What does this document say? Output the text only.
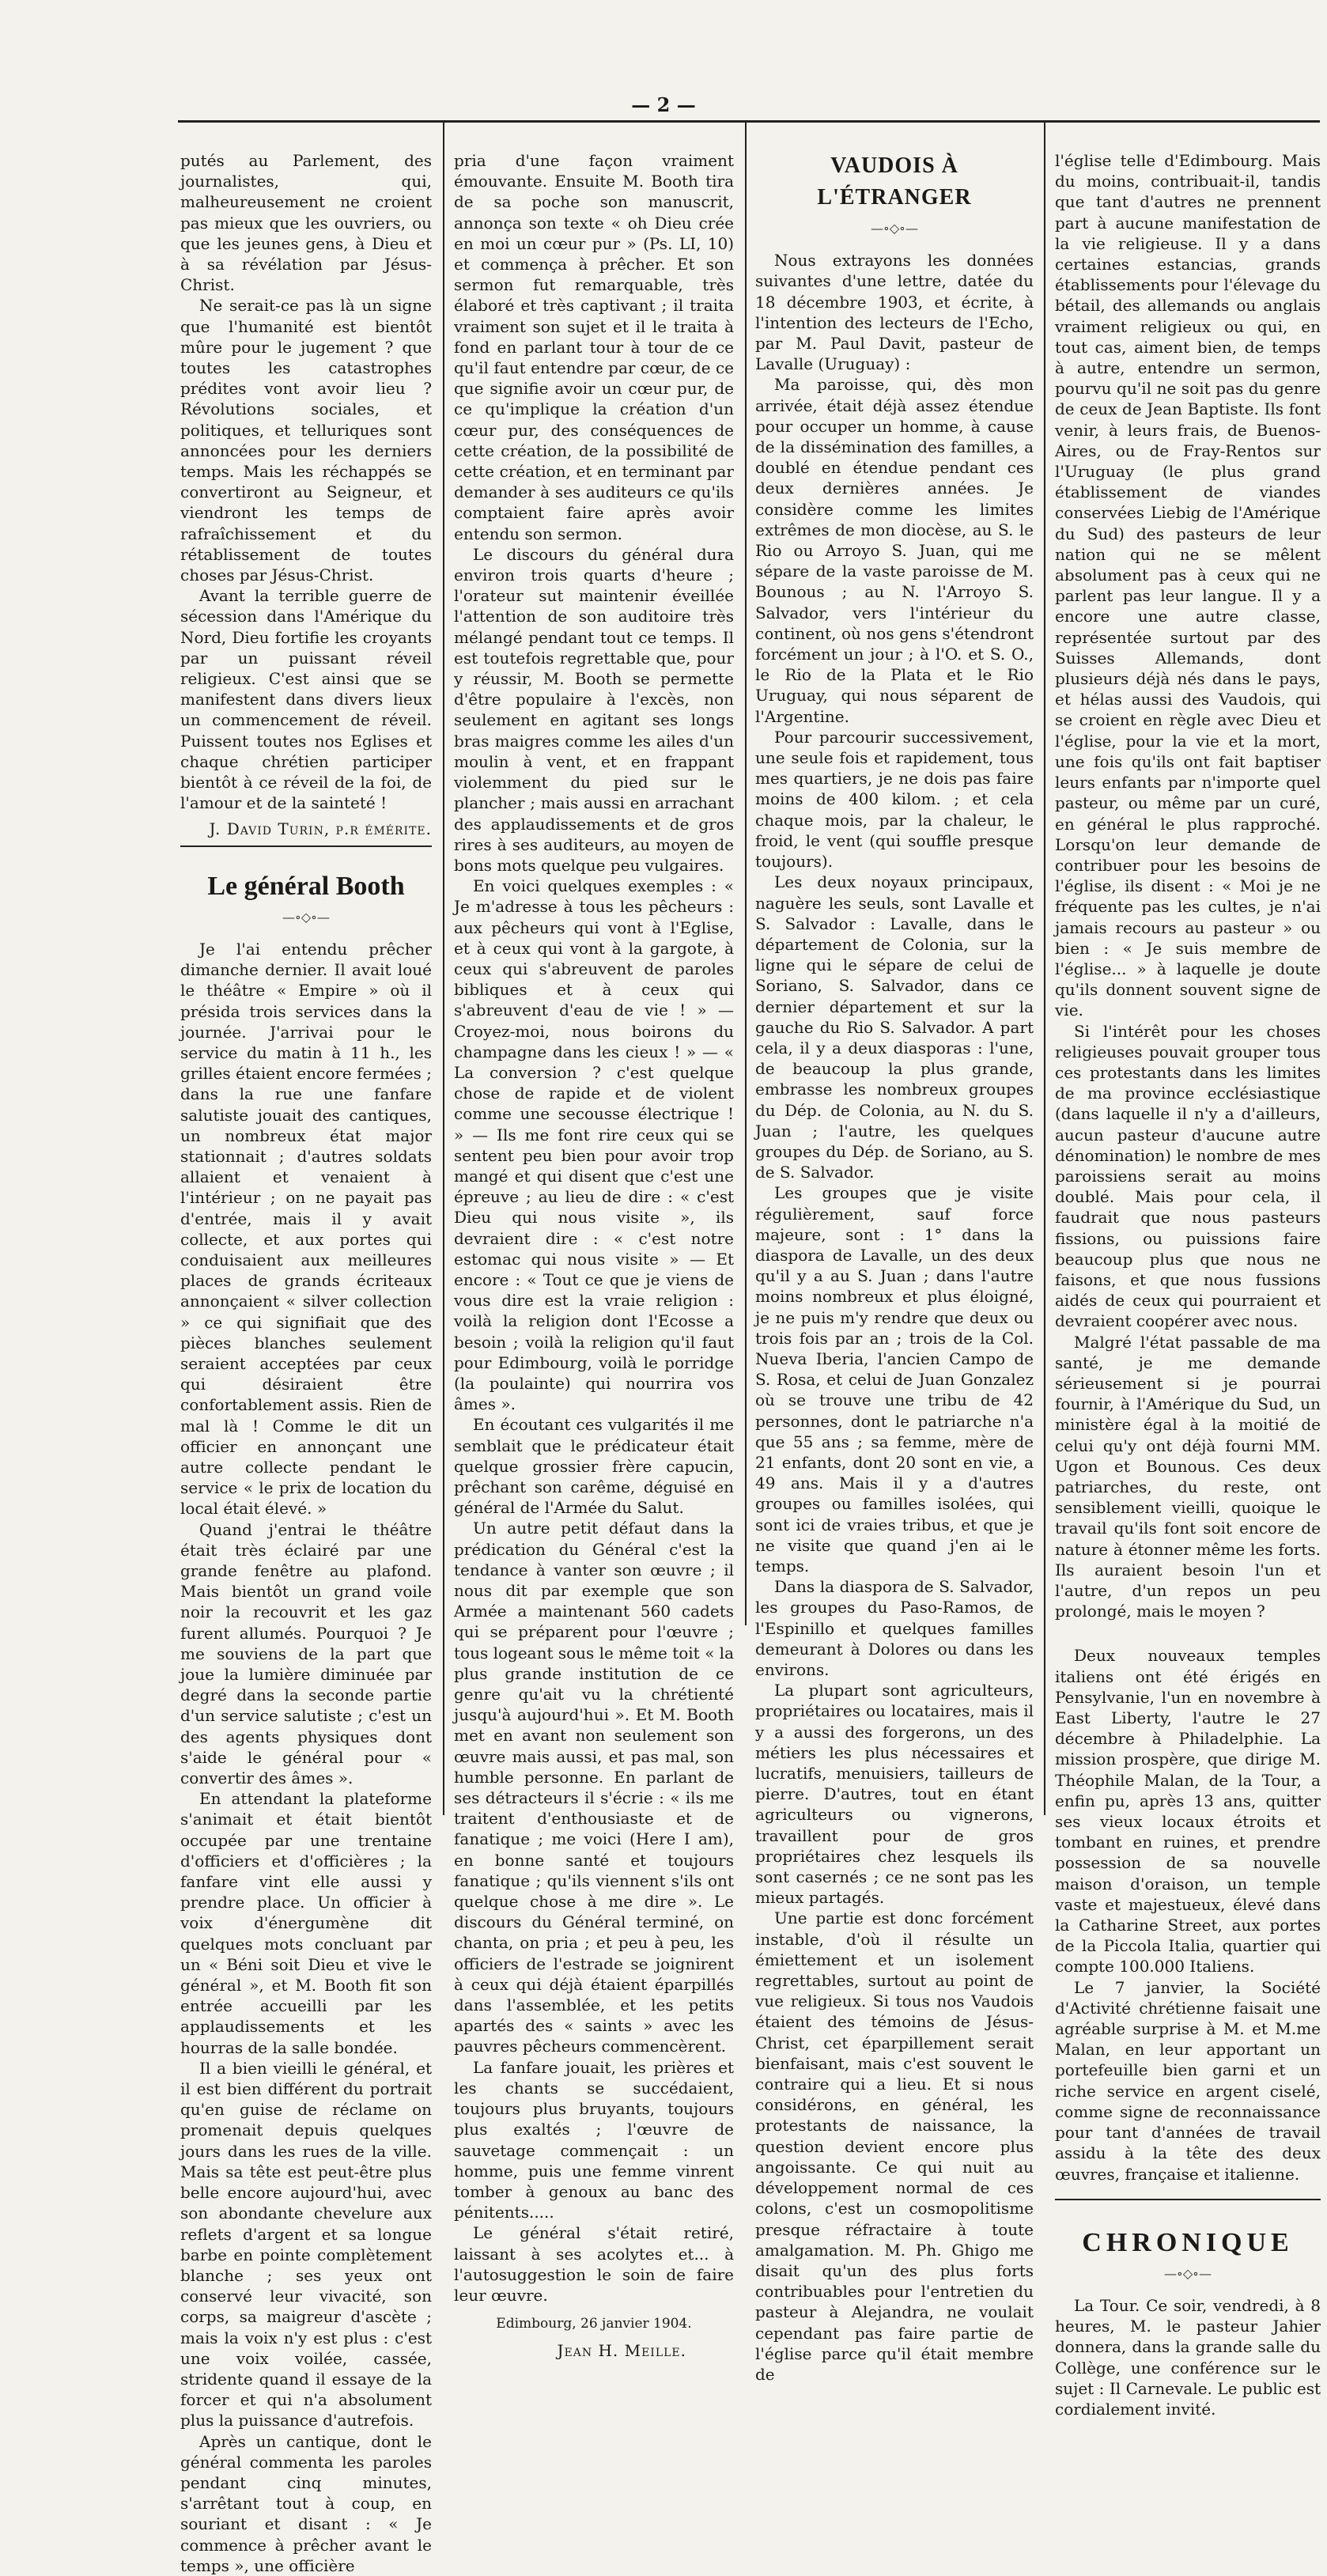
— 2 —

putés au Parlement, des journalistes, qui, malheureusement ne croient pas mieux que les ouvriers, ou que les jeunes gens, à Dieu et à sa révélation par Jésus-Christ.

Ne serait-ce pas là un signe que l'humanité est bientôt mûre pour le jugement ? que toutes les catastrophes prédites vont avoir lieu ? Révolutions sociales, et politiques, et telluriques sont annoncées pour les derniers temps. Mais les réchappés se convertiront au Seigneur, et viendront les temps de rafraîchissement et du rétablissement de toutes choses par Jésus-Christ.

Avant la terrible guerre de sécession dans l'Amérique du Nord, Dieu fortifie les croyants par un puissant réveil religieux. C'est ainsi que se manifestent dans divers lieux un commencement de réveil. Puissent toutes nos Eglises et chaque chrétien participer bientôt à ce réveil de la foi, de l'amour et de la sainteté !

J. David Turin, p.r émérite.
Le général Booth
—∘◇∘—

Je l'ai entendu prêcher dimanche dernier. Il avait loué le théâtre « Empire » où il présida trois services dans la journée. J'arrivai pour le service du matin à 11 h., les grilles étaient encore fermées ; dans la rue une fanfare salutiste jouait des cantiques, un nombreux état major stationnait ; d'autres soldats allaient et venaient à l'intérieur ; on ne payait pas d'entrée, mais il y avait collecte, et aux portes qui conduisaient aux meilleures places de grands écriteaux annonçaient « silver collection » ce qui signifiait que des pièces blanches seulement seraient acceptées par ceux qui désiraient être confortablement assis. Rien de mal là ! Comme le dit un officier en annonçant une autre collecte pendant le service « le prix de location du local était élevé. »

Quand j'entrai le théâtre était très éclairé par une grande fenêtre au plafond. Mais bientôt un grand voile noir la recouvrit et les gaz furent allumés. Pourquoi ? Je me souviens de la part que joue la lumière diminuée par degré dans la seconde partie d'un service salutiste ; c'est un des agents physiques dont s'aide le général pour « convertir des âmes ».

En attendant la plateforme s'animait et était bientôt occupée par une trentaine d'officiers et d'officières ; la fanfare vint elle aussi y prendre place. Un officier à voix d'énergumène dit quelques mots concluant par un « Béni soit Dieu et vive le général », et M. Booth fit son entrée accueilli par les applaudissements et les hourras de la salle bondée.

Il a bien vieilli le général, et il est bien différent du portrait qu'en guise de réclame on promenait depuis quelques jours dans les rues de la ville. Mais sa tête est peut-être plus belle encore aujourd'hui, avec son abondante chevelure aux reflets d'argent et sa longue barbe en pointe complètement blanche ; ses yeux ont conservé leur vivacité, son corps, sa maigreur d'ascète ; mais la voix n'y est plus : c'est une voix voilée, cassée, stridente quand il essaye de la forcer et qui n'a absolument plus la puissance d'autrefois.

Après un cantique, dont le général commenta les paroles pendant cinq minutes, s'arrêtant tout à coup, en souriant et disant : « Je commence à prêcher avant le temps », une officière

pria d'une façon vraiment émouvante. Ensuite M. Booth tira de sa poche son manuscrit, annonça son texte « oh Dieu crée en moi un cœur pur » (Ps. LI, 10) et commença à prêcher. Et son sermon fut remarquable, très élaboré et très captivant ; il traita vraiment son sujet et il le traita à fond en parlant tour à tour de ce qu'il faut entendre par cœur, de ce que signifie avoir un cœur pur, de ce qu'implique la création d'un cœur pur, des conséquences de cette création, de la possibilité de cette création, et en terminant par demander à ses auditeurs ce qu'ils comptaient faire après avoir entendu son sermon.

Le discours du général dura environ trois quarts d'heure ; l'orateur sut maintenir éveillée l'attention de son auditoire très mélangé pendant tout ce temps. Il est toutefois regrettable que, pour y réussir, M. Booth se permette d'être populaire à l'excès, non seulement en agitant ses longs bras maigres comme les ailes d'un moulin à vent, et en frappant violemment du pied sur le plancher ; mais aussi en arrachant des applaudissements et de gros rires à ses auditeurs, au moyen de bons mots quelque peu vulgaires.

En voici quelques exemples : « Je m'adresse à tous les pêcheurs : aux pêcheurs qui vont à l'Eglise, et à ceux qui vont à la gargote, à ceux qui s'abreuvent de paroles bibliques et à ceux qui s'abreuvent d'eau de vie ! » — Croyez-moi, nous boirons du champagne dans les cieux ! » — « La conversion ? c'est quelque chose de rapide et de violent comme une secousse électrique ! » — Ils me font rire ceux qui se sentent peu bien pour avoir trop mangé et qui disent que c'est une épreuve ; au lieu de dire : « c'est Dieu qui nous visite », ils devraient dire : « c'est notre estomac qui nous visite » — Et encore : « Tout ce que je viens de vous dire est la vraie religion : voilà la religion dont l'Ecosse a besoin ; voilà la religion qu'il faut pour Edimbourg, voilà le porridge (la poulainte) qui nourrira vos âmes ».

En écoutant ces vulgarités il me semblait que le prédicateur était quelque grossier frère capucin, prêchant son carême, déguisé en général de l'Armée du Salut.

Un autre petit défaut dans la prédication du Général c'est la tendance à vanter son œuvre ; il nous dit par exemple que son Armée a maintenant 560 cadets qui se préparent pour l'œuvre ; tous logeant sous le même toit « la plus grande institution de ce genre qu'ait vu la chrétienté jusqu'à aujourd'hui ». Et M. Booth met en avant non seulement son œuvre mais aussi, et pas mal, son humble personne. En parlant de ses détracteurs il s'écrie : « ils me traitent d'enthousiaste et de fanatique ; me voici (Here I am), en bonne santé et toujours fanatique ; qu'ils viennent s'ils ont quelque chose à me dire ». Le discours du Général terminé, on chanta, on pria ; et peu à peu, les officiers de l'estrade se joignirent à ceux qui déjà étaient éparpillés dans l'assemblée, et les petits apartés des « saints » avec les pauvres pêcheurs commencèrent.

La fanfare jouait, les prières et les chants se succédaient, toujours plus bruyants, toujours plus exaltés ; l'œuvre de sauvetage commençait : un homme, puis une femme vinrent tomber à genoux au banc des pénitents.....

Le général s'était retiré, laissant à ses acolytes et... à l'autosuggestion le soin de faire leur œuvre.

Edimbourg, 26 janvier 1904.
Jean H. Meille.
VAUDOIS À L'ÉTRANGER
—∘◇∘—

Nous extrayons les données suivantes d'une lettre, datée du 18 décembre 1903, et écrite, à l'intention des lecteurs de l'Echo, par M. Paul Davit, pasteur de Lavalle (Uruguay) :

Ma paroisse, qui, dès mon arrivée, était déjà assez étendue pour occuper un homme, à cause de la dissémination des familles, a doublé en étendue pendant ces deux dernières années. Je considère comme les limites extrêmes de mon diocèse, au S. le Rio ou Arroyo S. Juan, qui me sépare de la vaste paroisse de M. Bounous ; au N. l'Arroyo S. Salvador, vers l'intérieur du continent, où nos gens s'étendront forcément un jour ; à l'O. et S. O., le Rio de la Plata et le Rio Uruguay, qui nous séparent de l'Argentine.

Pour parcourir successivement, une seule fois et rapidement, tous mes quartiers, je ne dois pas faire moins de 400 kilom. ; et cela chaque mois, par la chaleur, le froid, le vent (qui souffle presque toujours).

Les deux noyaux principaux, naguère les seuls, sont Lavalle et S. Salvador : Lavalle, dans le département de Colonia, sur la ligne qui le sépare de celui de Soriano, S. Salvador, dans ce dernier département et sur la gauche du Rio S. Salvador. A part cela, il y a deux diasporas : l'une, de beaucoup la plus grande, embrasse les nombreux groupes du Dép. de Colonia, au N. du S. Juan ; l'autre, les quelques groupes du Dép. de Soriano, au S. de S. Salvador.

Les groupes que je visite régulièrement, sauf force majeure, sont : 1° dans la diaspora de Lavalle, un des deux qu'il y a au S. Juan ; dans l'autre moins nombreux et plus éloigné, je ne puis m'y rendre que deux ou trois fois par an ; trois de la Col. Nueva Iberia, l'ancien Campo de S. Rosa, et celui de Juan Gonzalez où se trouve une tribu de 42 personnes, dont le patriarche n'a que 55 ans ; sa femme, mère de 21 enfants, dont 20 sont en vie, a 49 ans. Mais il y a d'autres groupes ou familles isolées, qui sont ici de vraies tribus, et que je ne visite que quand j'en ai le temps.

Dans la diaspora de S. Salvador, les groupes du Paso-Ramos, de l'Espinillo et quelques familles demeurant à Dolores ou dans les environs.

La plupart sont agriculteurs, propriétaires ou locataires, mais il y a aussi des forgerons, un des métiers les plus nécessaires et lucratifs, menuisiers, tailleurs de pierre. D'autres, tout en étant agriculteurs ou vignerons, travaillent pour de gros propriétaires chez lesquels ils sont casernés ; ce ne sont pas les mieux partagés.

Une partie est donc forcément instable, d'où il résulte un émiettement et un isolement regrettables, surtout au point de vue religieux. Si tous nos Vaudois étaient des témoins de Jésus-Christ, cet éparpillement serait bienfaisant, mais c'est souvent le contraire qui a lieu. Et si nous considérons, en général, les protestants de naissance, la question devient encore plus angoissante. Ce qui nuit au développement normal de ces colons, c'est un cosmopolitisme presque réfractaire à toute amalgamation. M. Ph. Ghigo me disait qu'un des plus forts contribuables pour l'entretien du pasteur à Alejandra, ne voulait cependant pas faire partie de l'église parce qu'il était membre de

l'église telle d'Edimbourg. Mais du moins, contribuait-il, tandis que tant d'autres ne prennent part à aucune manifestation de la vie religieuse. Il y a dans certaines estancias, grands établissements pour l'élevage du bétail, des allemands ou anglais vraiment religieux ou qui, en tout cas, aiment bien, de temps à autre, entendre un sermon, pourvu qu'il ne soit pas du genre de ceux de Jean Baptiste. Ils font venir, à leurs frais, de Buenos-Aires, ou de Fray-Rentos sur l'Uruguay (le plus grand établissement de viandes conservées Liebig de l'Amérique du Sud) des pasteurs de leur nation qui ne se mêlent absolument pas à ceux qui ne parlent pas leur langue. Il y a encore une autre classe, représentée surtout par des Suisses Allemands, dont plusieurs déjà nés dans le pays, et hélas aussi des Vaudois, qui se croient en règle avec Dieu et l'église, pour la vie et la mort, une fois qu'ils ont fait baptiser leurs enfants par n'importe quel pasteur, ou même par un curé, en général le plus rapproché. Lorsqu'on leur demande de contribuer pour les besoins de l'église, ils disent : « Moi je ne fréquente pas les cultes, je n'ai jamais recours au pasteur » ou bien : « Je suis membre de l'église... » à laquelle je doute qu'ils donnent souvent signe de vie.

Si l'intérêt pour les choses religieuses pouvait grouper tous ces protestants dans les limites de ma province ecclésiastique (dans laquelle il n'y a d'ailleurs, aucun pasteur d'aucune autre dénomination) le nombre de mes paroissiens serait au moins doublé. Mais pour cela, il faudrait que nous pasteurs fissions, ou puissions faire beaucoup plus que nous ne faisons, et que nous fussions aidés de ceux qui pourraient et devraient coopérer avec nous.

Malgré l'état passable de ma santé, je me demande sérieusement si je pourrai fournir, à l'Amérique du Sud, un ministère égal à la moitié de celui qu'y ont déjà fourni MM. Ugon et Bounous. Ces deux patriarches, du reste, ont sensiblement vieilli, quoique le travail qu'ils font soit encore de nature à étonner même les forts. Ils auraient besoin l'un et l'autre, d'un repos un peu prolongé, mais le moyen ?

Deux nouveaux temples italiens ont été érigés en Pensylvanie, l'un en novembre à East Liberty, l'autre le 27 décembre à Philadelphie. La mission prospère, que dirige M. Théophile Malan, de la Tour, a enfin pu, après 13 ans, quitter ses vieux locaux étroits et tombant en ruines, et prendre possession de sa nouvelle maison d'oraison, un temple vaste et majestueux, élevé dans la Catharine Street, aux portes de la Piccola Italia, quartier qui compte 100.000 Italiens.

Le 7 janvier, la Société d'Activité chrétienne faisait une agréable surprise à M. et M.me Malan, en leur apportant un portefeuille bien garni et un riche service en argent ciselé, comme signe de reconnaissance pour tant d'années de travail assidu à la tête des deux œuvres, française et italienne.

CHRONIQUE
—∘◇∘—

La Tour. Ce soir, vendredi, à 8 heures, M. le pasteur Jahier donnera, dans la grande salle du Collège, une conférence sur le sujet : Il Carnevale. Le public est cordialement invité.
